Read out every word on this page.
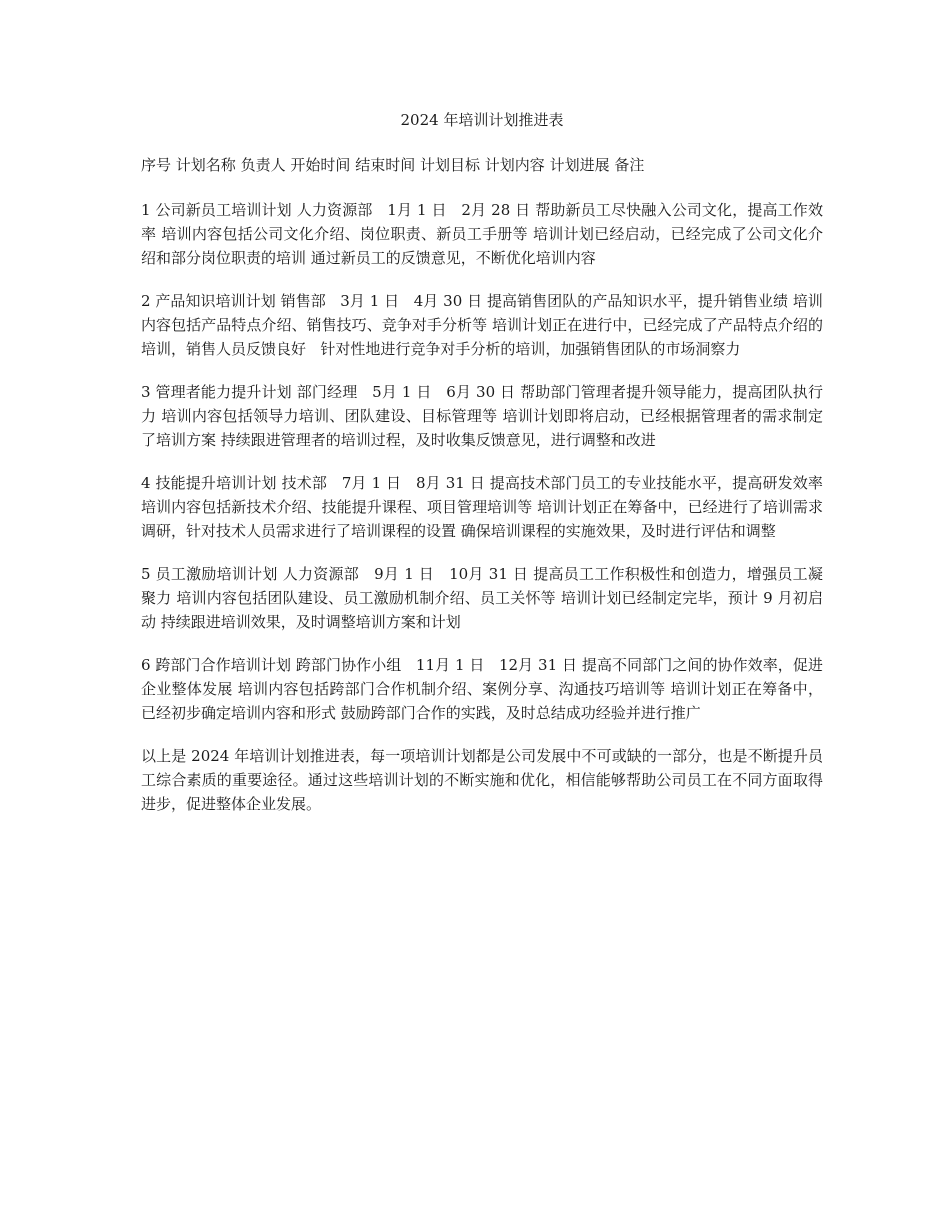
2024 年培训计划推进表
序号 计划名称 负责人 开始时间 结束时间 计划目标 计划内容 计划进展 备注
1 公司新员工培训计划 人力资源部 1月 1 日 2月 28 日 帮助新员工尽快融入公司文化，提高工作效率 培训内容包括公司文化介绍、岗位职责、新员工手册等 培训计划已经启动，已经完成了公司文化介绍和部分岗位职责的培训 通过新员工的反馈意见，不断优化培训内容
2 产品知识培训计划 销售部 3月 1 日 4月 30 日 提高销售团队的产品知识水平，提升销售业绩 培训内容包括产品特点介绍、销售技巧、竞争对手分析等 培训计划正在进行中，已经完成了产品特点介绍的培训，销售人员反馈良好 针对性地进行竞争对手分析的培训，加强销售团队的市场洞察力
3 管理者能力提升计划 部门经理 5月 1 日 6月 30 日 帮助部门管理者提升领导能力，提高团队执行力 培训内容包括领导力培训、团队建设、目标管理等 培训计划即将启动，已经根据管理者的需求制定了培训方案 持续跟进管理者的培训过程，及时收集反馈意见，进行调整和改进
4 技能提升培训计划 技术部 7月 1 日 8月 31 日 提高技术部门员工的专业技能水平，提高研发效率 培训内容包括新技术介绍、技能提升课程、项目管理培训等 培训计划正在筹备中，已经进行了培训需求调研，针对技术人员需求进行了培训课程的设置 确保培训课程的实施效果，及时进行评估和调整
5 员工激励培训计划 人力资源部 9月 1 日 10月 31 日 提高员工工作积极性和创造力，增强员工凝聚力 培训内容包括团队建设、员工激励机制介绍、员工关怀等 培训计划已经制定完毕，预计 9 月初启动 持续跟进培训效果，及时调整培训方案和计划
6 跨部门合作培训计划 跨部门协作小组 11月 1 日 12月 31 日 提高不同部门之间的协作效率，促进企业整体发展 培训内容包括跨部门合作机制介绍、案例分享、沟通技巧培训等 培训计划正在筹备中，已经初步确定培训内容和形式 鼓励跨部门合作的实践，及时总结成功经验并进行推广
以上是 2024 年培训计划推进表，每一项培训计划都是公司发展中不可或缺的一部分，也是不断提升员工综合素质的重要途径。通过这些培训计划的不断实施和优化，相信能够帮助公司员工在不同方面取得进步，促进整体企业发展。
